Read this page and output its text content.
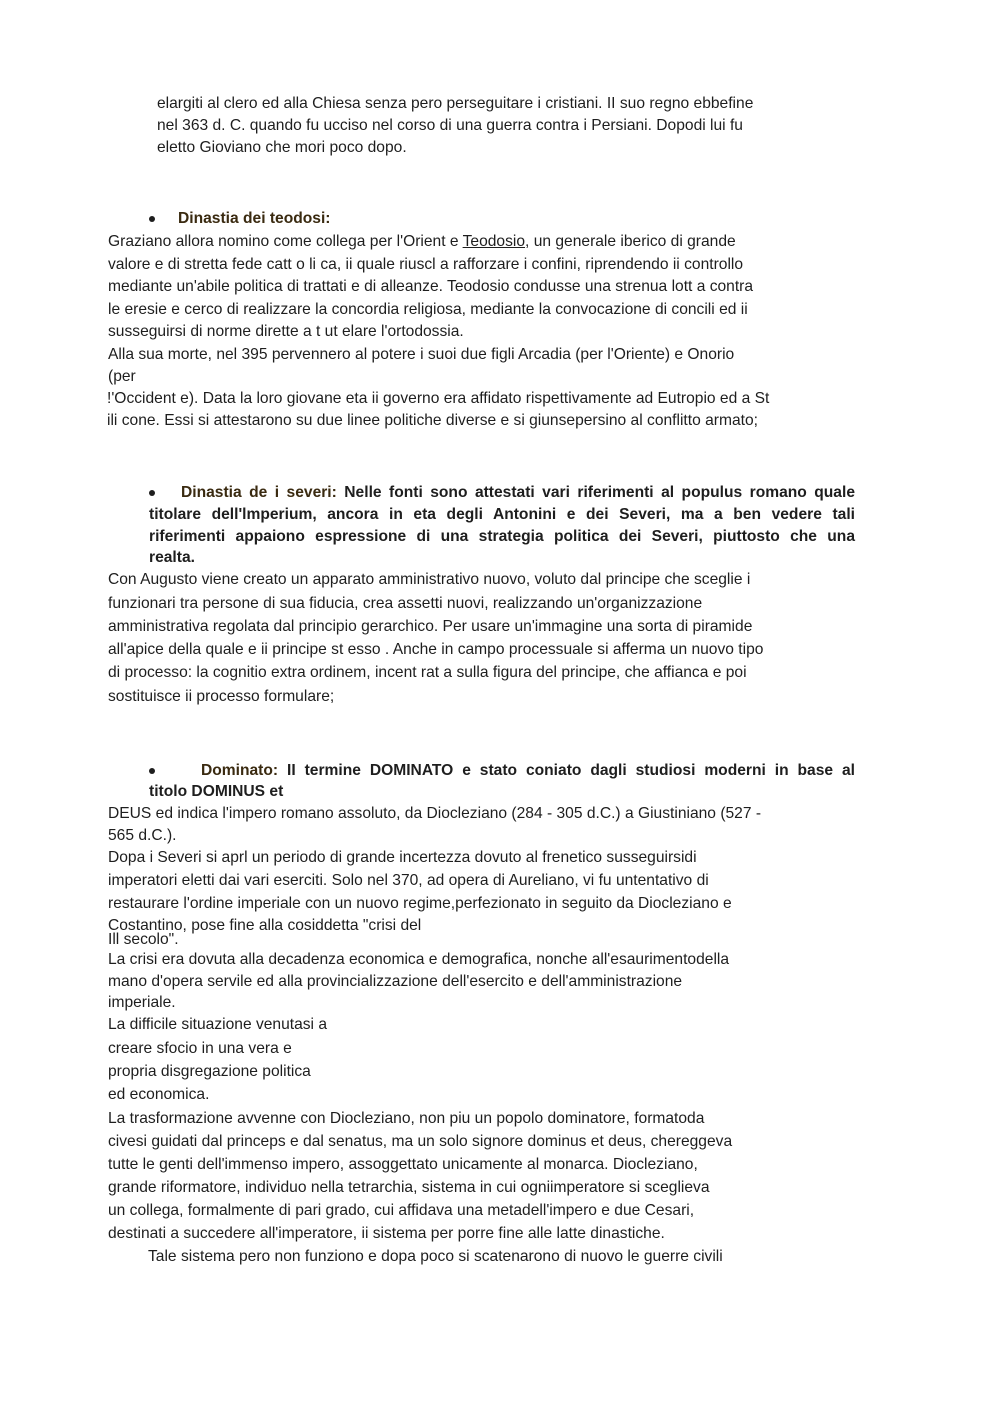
elargiti al clero ed alla Chiesa senza pero perseguitare i cristiani. II suo regno ebbefine
nel 363 d. C. quando fu ucciso nel corso di una guerra contra i Persiani. Dopodi lui fu
eletto Gioviano che mori poco dopo.
Dinastia dei teodosi:
Graziano allora nomino come collega per l'Orient e Teodosio, un generale iberico di grande
valore e di stretta fede catt o li ca, ii quale riuscl a rafforzare i confini, riprendendo ii controllo
mediante un'abile politica di trattati e di alleanze. Teodosio condusse una strenua lott a contra
le eresie e cerco di realizzare la concordia religiosa, mediante la convocazione di concili ed ii
susseguirsi di norme dirette a t ut elare l'ortodossia.
Alla sua morte, nel 395 pervennero al potere i suoi due figli Arcadia (per l'Oriente) e Onorio
(per
!'Occident e). Data la loro giovane eta ii governo era affidato rispettivamente ad Eutropio ed a St
ili cone. Essi si attestarono su due linee politiche diverse e si giunsepersino al conflitto armato;
Dinastia de i severi: Nelle fonti sono attestati vari riferimenti al populus romano quale
titolare dell'lmperium, ancora in eta degli Antonini e dei Severi, ma a ben vedere tali
riferimenti appaiono espressione di una strategia politica dei Severi, piuttosto che una
realta.
Con Augusto viene creato un apparato amministrativo nuovo, voluto dal principe che sceglie i
funzionari tra persone di sua fiducia, crea assetti nuovi, realizzando un'organizzazione
amministrativa regolata dal principio gerarchico. Per usare un'immagine una sorta di piramide
all'apice della quale e ii principe st esso . Anche in campo processuale si afferma un nuovo tipo
di processo: la cognitio extra ordinem, incent rat a sulla figura del principe, che affianca e poi
sostituisce ii processo formulare;
Dominato: II termine DOMINATO e stato coniato dagli studiosi moderni in base al
titolo DOMINUS et
DEUS ed indica l'impero romano assoluto, da Diocleziano (284 - 305 d.C.) a Giustiniano (527 -
565 d.C.).
Dopa i Severi si aprl un periodo di grande incertezza dovuto al frenetico susseguirsidi
imperatori eletti dai vari eserciti. Solo nel 370, ad opera di Aureliano, vi fu untentativo di
restaurare l'ordine imperiale con un nuovo regime,perfezionato in seguito da Diocleziano e
Costantino, pose fine alla cosiddetta "crisi del
Ill secolo".
La crisi era dovuta alla decadenza economica e demografica, nonche all'esaurimentodella
mano d'opera servile ed alla provincializzazione dell'esercito e dell'amministrazione
imperiale.
La difficile situazione venutasi a
creare sfocio in una vera e
propria disgregazione politica
ed economica.
La trasformazione avvenne con Diocleziano, non piu un popolo dominatore, formatoda
civesi guidati dal princeps e dal senatus, ma un solo signore dominus et deus, chereggeva
tutte le genti dell'immenso impero, assoggettato unicamente al monarca. Diocleziano,
grande riformatore, individuo nella tetrarchia, sistema in cui ogniimperatore si sceglieva
un collega, formalmente di pari grado, cui affidava una metadell'impero e due Cesari,
destinati a succedere all'imperatore, ii sistema per porre fine alle latte dinastiche.
Tale sistema pero non funziono e dopa poco si scatenarono di nuovo le guerre civili
